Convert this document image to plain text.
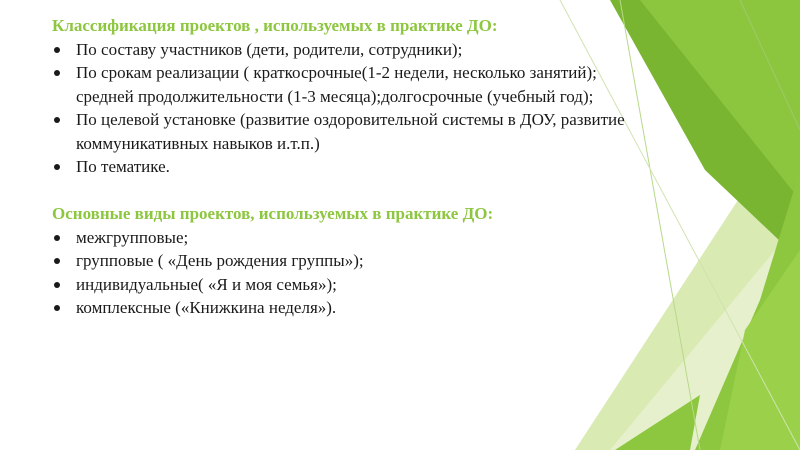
Классификация проектов , используемых в практике ДО:

По составу участников (дети, родители, сотрудники);
По срокам реализации ( краткосрочные(1-2 недели, несколько занятий); средней продолжительности (1-3 месяца);долгосрочные (учебный год);
По целевой установке (развитие оздоровительной системы в ДОУ, развитие коммуникативных навыков и.т.п.)
По тематике.

Основные виды проектов, используемых в практике ДО:

межгрупповые;
групповые ( «День рождения группы»);
индивидуальные( «Я и моя семья»);
комплексные («Книжкина неделя»).
